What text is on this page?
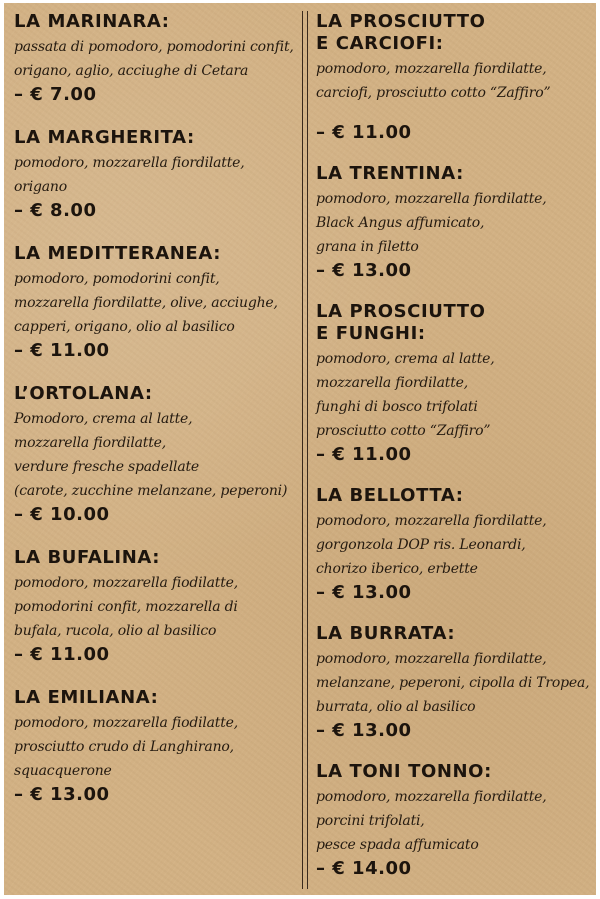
LA MARINARA:
passata di pomodoro, pomodorini confit,
origano, aglio, acciughe di Cetara
– € 7.00
LA MARGHERITA:
pomodoro, mozzarella fiordilatte,
origano
– € 8.00
LA MEDITTERANEA:
pomodoro, pomodorini confit,
mozzarella fiordilatte, olive, acciughe,
capperi, origano, olio al basilico
– € 11.00
L’ORTOLANA:
Pomodoro, crema al latte,
mozzarella fiordilatte,
verdure fresche spadellate
(carote, zucchine melanzane, peperoni)
– € 10.00
LA BUFALINA:
pomodoro, mozzarella fiodilatte,
pomodorini confit, mozzarella di
bufala, rucola, olio al basilico
– € 11.00
LA EMILIANA:
pomodoro, mozzarella fiodilatte,
prosciutto crudo di Langhirano,
squacquerone
– € 13.00
LA PROSCIUTTO
E CARCIOFI:
pomodoro, mozzarella fiordilatte,
carciofi, prosciutto cotto “Zaffiro”
– € 11.00
LA TRENTINA:
pomodoro, mozzarella fiordilatte,
Black Angus affumicato,
grana in filetto
– € 13.00
LA PROSCIUTTO
E FUNGHI:
pomodoro, crema al latte,
mozzarella fiordilatte,
funghi di bosco trifolati
prosciutto cotto “Zaffiro”
– € 11.00
LA BELLOTTA:
pomodoro, mozzarella fiordilatte,
gorgonzola DOP ris. Leonardi,
chorizo iberico, erbette
– € 13.00
LA BURRATA:
pomodoro, mozzarella fiordilatte,
melanzane, peperoni, cipolla di Tropea,
burrata, olio al basilico
– € 13.00
LA TONI TONNO:
pomodoro, mozzarella fiordilatte,
porcini trifolati,
pesce spada affumicato
– € 14.00
